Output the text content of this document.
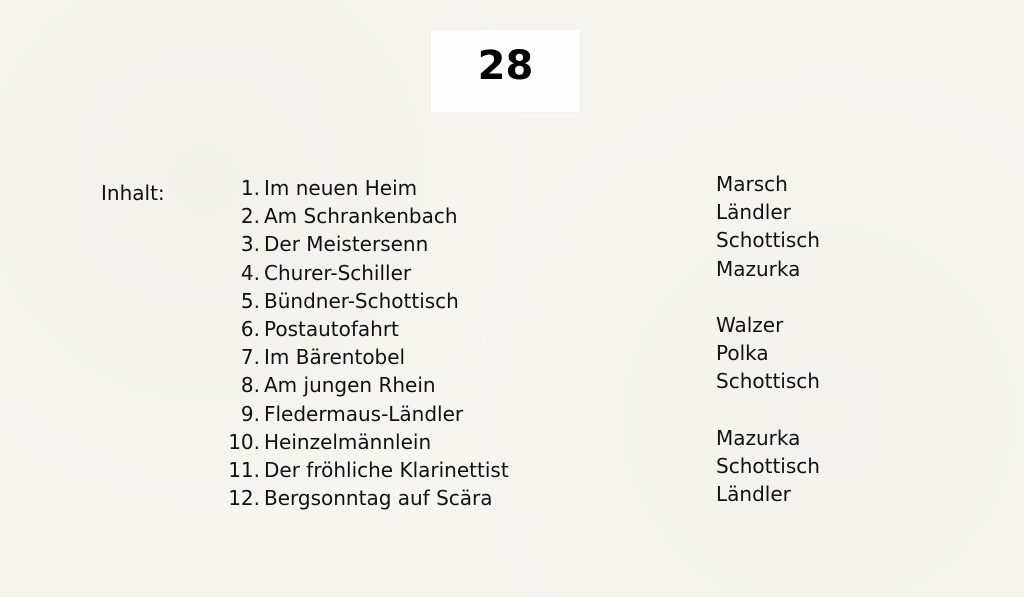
28
Inhalt:	1. Im neuen Heim
2. Am Schrankenbach
3. Der Meistersenn
4. Churer-Schiller
5. Bündner-Schottisch
6. Postautofahrt
7. Im Bärentobel
8. Am jungen Rhein
9. Fledermaus-Ländler
10. Heinzelmännlein
11. Der fröhliche Klarinettist
12. Bergsonntag auf Scära
Marsch
Ländler
Schottisch
Mazurka
Walzer
Polka
Schottisch
Mazurka
Schottisch
Ländler
